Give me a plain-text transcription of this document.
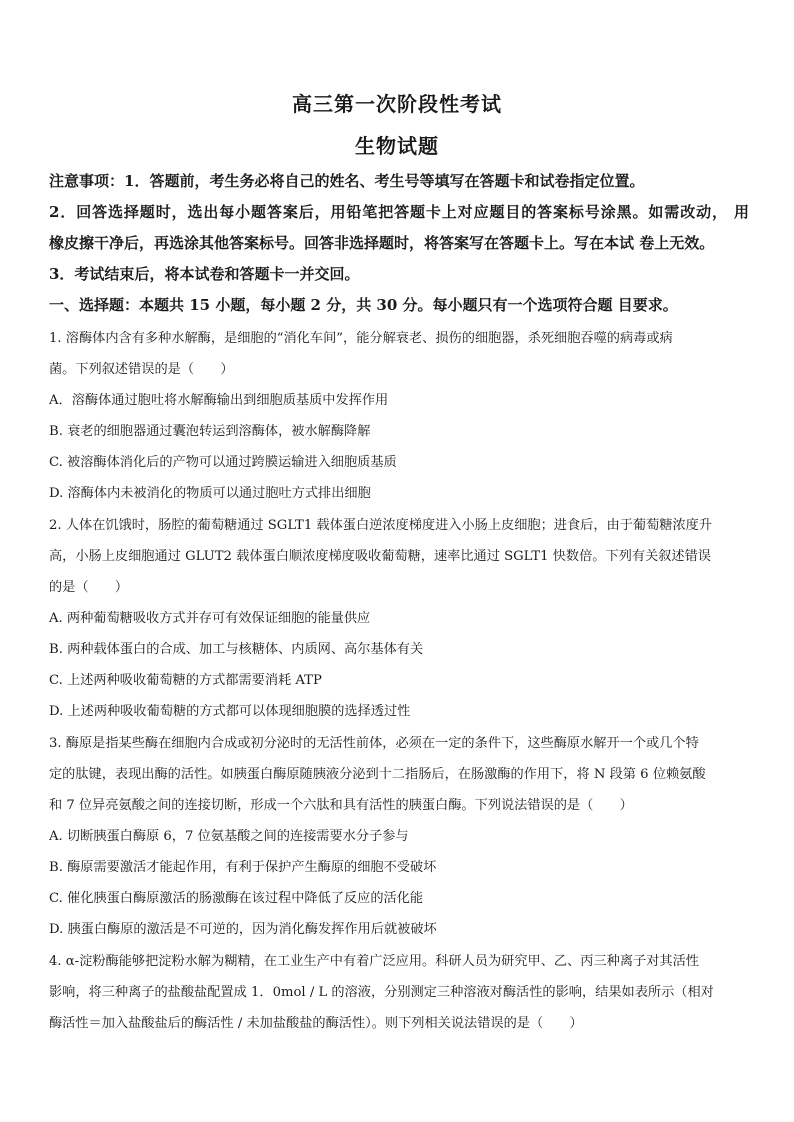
高三第一次阶段性考试
生物试题
注意事项：1．答题前，考生务必将自己的姓名、考生号等填写在答题卡和试卷指定位置。
2．回答选择题时，选出每小题答案后，用铅笔把答题卡上对应题目的答案标号涂黑。如需改动， 用
橡皮擦干净后，再选涂其他答案标号。回答非选择题时，将答案写在答题卡上。写在本试 卷上无效。
3．考试结束后，将本试卷和答题卡一并交回。
一、选择题：本题共 15 小题，每小题 2 分，共 30 分。每小题只有一个选项符合题 目要求。
1. 溶酶体内含有多种水解酶，是细胞的“消化车间”，能分解衰老、损伤的细胞器，杀死细胞吞噬的病毒或病
菌。下列叙述错误的是（　　）
A．溶酶体通过胞吐将水解酶输出到细胞质基质中发挥作用
B. 衰老的细胞器通过囊泡转运到溶酶体，被水解酶降解
C. 被溶酶体消化后的产物可以通过跨膜运输进入细胞质基质
D. 溶酶体内未被消化的物质可以通过胞吐方式排出细胞
2. 人体在饥饿时，肠腔的葡萄糖通过 SGLT1 载体蛋白逆浓度梯度进入小肠上皮细胞；进食后，由于葡萄糖浓度升
高，小肠上皮细胞通过 GLUT2 载体蛋白顺浓度梯度吸收葡萄糖，速率比通过 SGLT1 快数倍。下列有关叙述错误
的是（　　）
A. 两种葡萄糖吸收方式并存可有效保证细胞的能量供应
B. 两种载体蛋白的合成、加工与核糖体、内质网、高尔基体有关
C. 上述两种吸收葡萄糖的方式都需要消耗 ATP
D. 上述两种吸收葡萄糖的方式都可以体现细胞膜的选择透过性
3. 酶原是指某些酶在细胞内合成或初分泌时的无活性前体，必须在一定的条件下，这些酶原水解开一个或几个特
定的肽键，表现出酶的活性。如胰蛋白酶原随胰液分泌到十二指肠后，在肠激酶的作用下，将 N 段第 6 位赖氨酸
和 7 位异亮氨酸之间的连接切断，形成一个六肽和具有活性的胰蛋白酶。下列说法错误的是（　　）
A. 切断胰蛋白酶原 6，7 位氨基酸之间的连接需要水分子参与
B. 酶原需要激活才能起作用，有利于保护产生酶原的细胞不受破坏
C. 催化胰蛋白酶原激活的肠激酶在该过程中降低了反应的活化能
D. 胰蛋白酶原的激活是不可逆的，因为消化酶发挥作用后就被破坏
4. α-淀粉酶能够把淀粉水解为糊精，在工业生产中有着广泛应用。科研人员为研究甲、乙、丙三种离子对其活性
影响，将三种离子的盐酸盐配置成 1．0mol / L 的溶液，分别测定三种溶液对酶活性的影响，结果如表所示（相对
酶活性＝加入盐酸盐后的酶活性 / 未加盐酸盐的酶活性）。则下列相关说法错误的是（　　）
